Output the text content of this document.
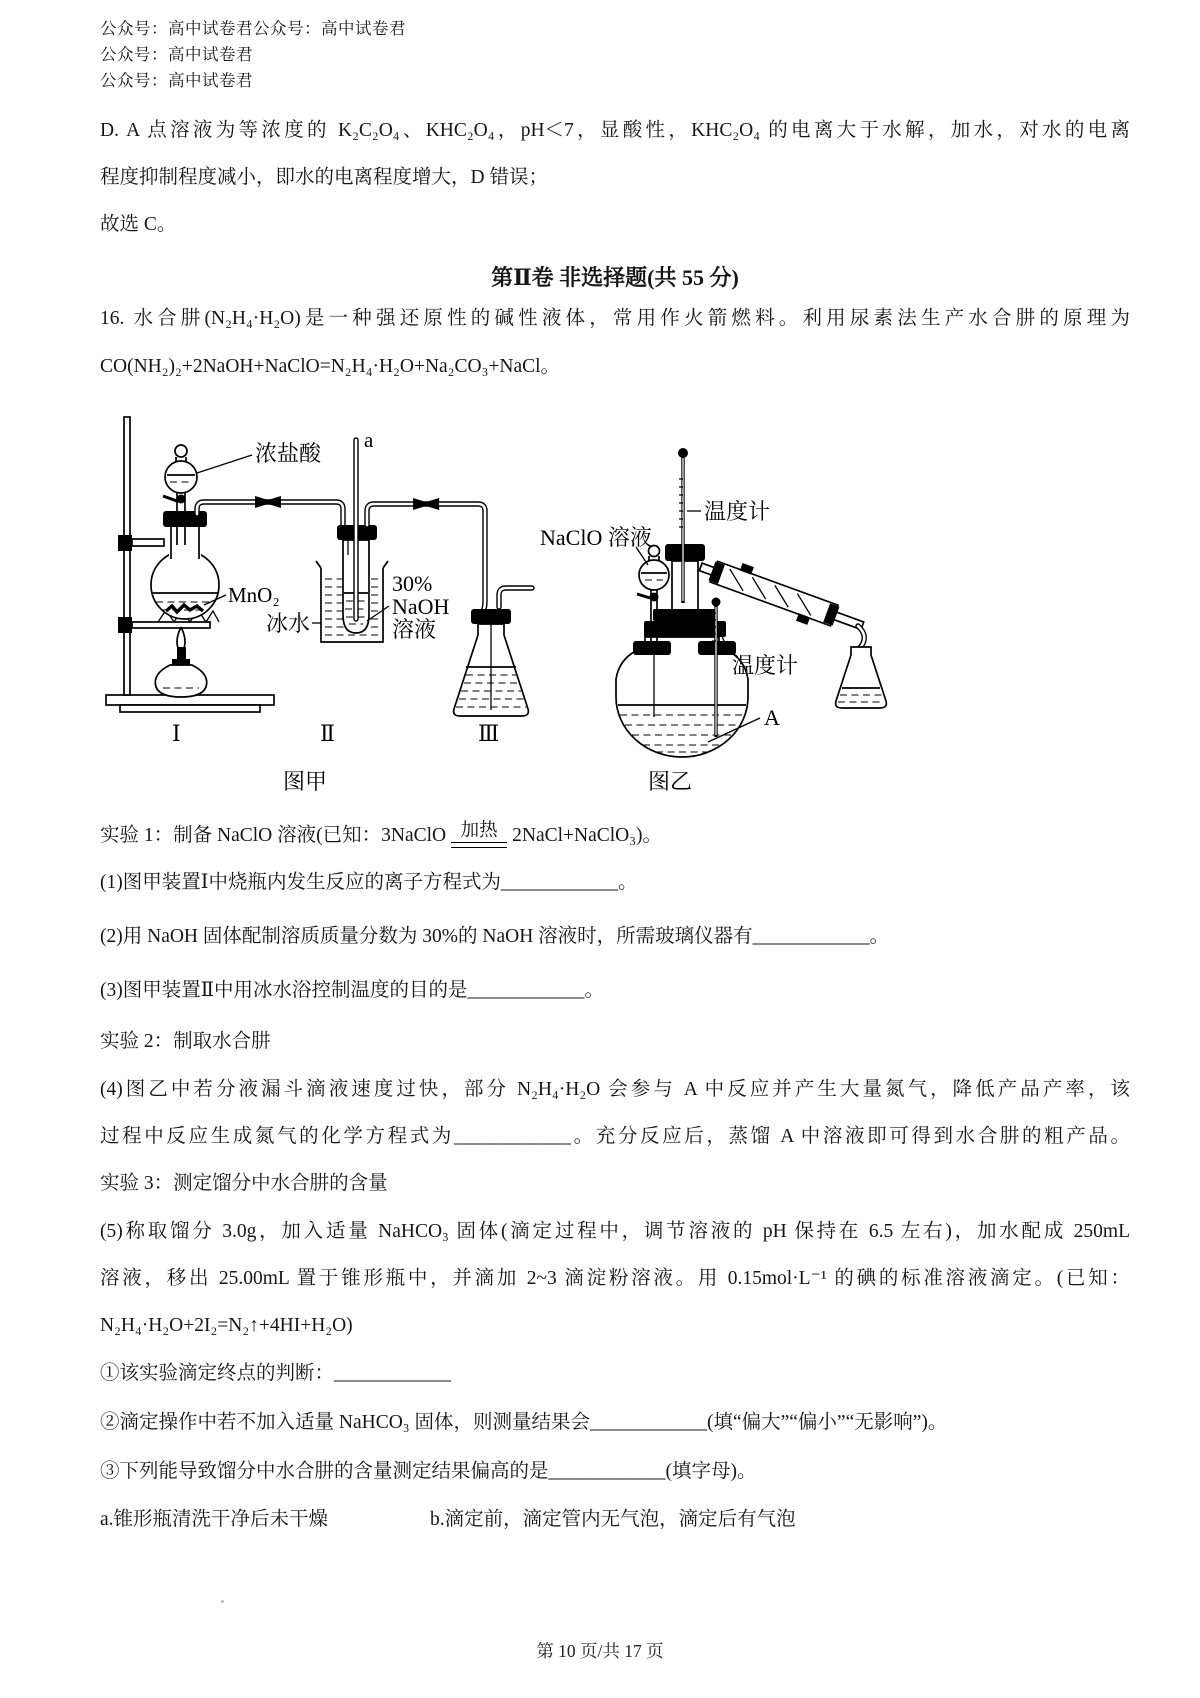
公众号：高中试卷君公众号：高中试卷君
公众号：高中试卷君
公众号：高中试卷君
D. A 点溶液为等浓度的 K₂C₂O₄、KHC₂O₄，pH＜7，显酸性，KHC₂O₄ 的电离大于水解，加水，对水的电离
程度抑制程度减小，即水的电离程度增大，D 错误；
故选 C。
第Ⅱ卷 非选择题(共 55 分)
16. 水合肼(N₂H₄·H₂O)是一种强还原性的碱性液体，常用作火箭燃料。利用尿素法生产水合肼的原理为
CO(NH₂)₂+2NaOH+NaClO=N₂H₄·H₂O+Na₂CO₃+NaCl。
浓盐酸
MnO₂
a
冰水
30%
NaOH
溶液
Ⅰ	Ⅱ	Ⅲ
图甲
温度计
NaClO 溶液
温度计
A
图乙
实验 1：制备 NaClO 溶液(已知：3NaClO 加热 2NaCl+NaClO₃)。
(1)图甲装置Ⅰ中烧瓶内发生反应的离子方程式为____________。
(2)用 NaOH 固体配制溶质质量分数为 30%的 NaOH 溶液时，所需玻璃仪器有____________。
(3)图甲装置Ⅱ中用冰水浴控制温度的目的是____________。
实验 2：制取水合肼
(4)图乙中若分液漏斗滴液速度过快，部分 N₂H₄·H₂O 会参与 A 中反应并产生大量氮气，降低产品产率，该
过程中反应生成氮气的化学方程式为____________。充分反应后，蒸馏 A 中溶液即可得到水合肼的粗产品。
实验 3：测定馏分中水合肼的含量
(5)称取馏分 3.0g，加入适量 NaHCO₃ 固体(滴定过程中，调节溶液的 pH 保持在 6.5 左右)，加水配成 250mL
溶液，移出 25.00mL 置于锥形瓶中，并滴加 2~3 滴淀粉溶液。用 0.15mol·L⁻¹ 的碘的标准溶液滴定。(已知：
N₂H₄·H₂O+2I₂=N₂↑+4HI+H₂O)
①该实验滴定终点的判断：____________
②滴定操作中若不加入适量 NaHCO₃ 固体，则测量结果会____________(填“偏大”“偏小”“无影响”)。
③下列能导致馏分中水合肼的含量测定结果偏高的是____________(填字母)。
a.锥形瓶清洗干净后未干燥	b.滴定前，滴定管内无气泡，滴定后有气泡
第 10 页/共 17 页
